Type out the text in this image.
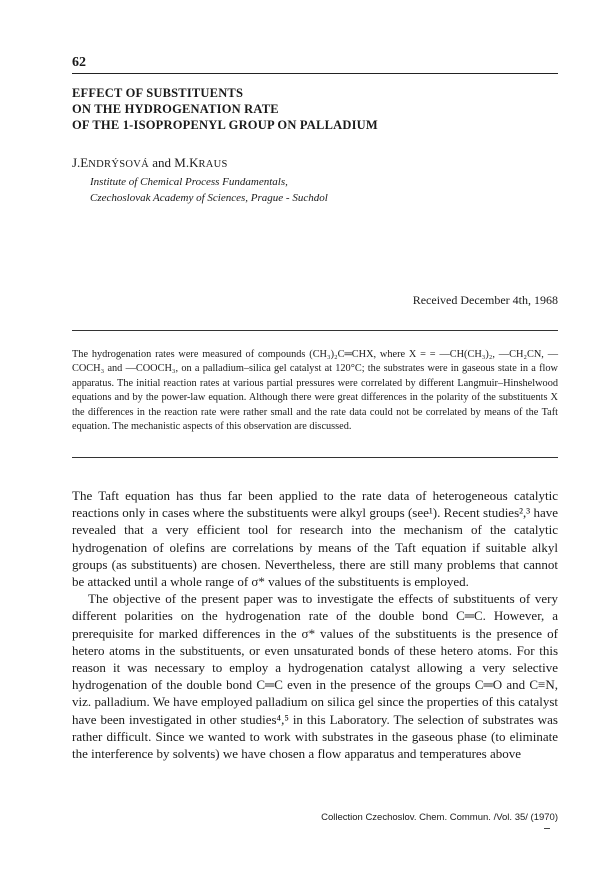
62
EFFECT OF SUBSTITUENTS
ON THE HYDROGENATION RATE
OF THE 1-ISOPROPENYL GROUP ON PALLADIUM
J.ENDRÝSOVÁ and M.KRAUS
Institute of Chemical Process Fundamentals,
Czechoslovak Academy of Sciences, Prague - Suchdol
Received December 4th, 1968
The hydrogenation rates were measured of compounds (CH₃)₂C═CHX, where X = = —CH(CH₃)₂, —CH₂CN, —COCH₃ and —COOCH₃, on a palladium–silica gel catalyst at 120°C; the substrates were in gaseous state in a flow apparatus. The initial reaction rates at various partial pressures were correlated by different Langmuir–Hinshelwood equations and by the power-law equation. Although there were great differences in the polarity of the substituents X the differences in the reaction rate were rather small and the rate data could not be correlated by means of the Taft equation. The mechanistic aspects of this observation are discussed.

The Taft equation has thus far been applied to the rate data of heterogeneous catalytic reactions only in cases where the substituents were alkyl groups (see¹). Recent studies²,³ have revealed that a very efficient tool for research into the mechanism of the catalytic hydrogenation of olefins are correlations by means of the Taft equation if suitable alkyl groups (as substituents) are chosen. Nevertheless, there are still many problems that cannot be attacked until a whole range of σ* values of the substituents is employed.

The objective of the present paper was to investigate the effects of substituents of very different polarities on the hydrogenation rate of the double bond C═C. However, a prerequisite for marked differences in the σ* values of the substituents is the presence of hetero atoms in the substituents, or even unsaturated bonds of these hetero atoms. For this reason it was necessary to employ a hydrogenation catalyst allowing a very selective hydrogenation of the double bond C═C even in the presence of the groups C═O and C≡N, viz. palladium. We have employed palladium on silica gel since the properties of this catalyst have been investigated in other studies⁴,⁵ in this Laboratory. The selection of substrates was rather difficult. Since we wanted to work with substrates in the gaseous phase (to eliminate the interference by solvents) we have chosen a flow apparatus and temperatures above

Collection Czechoslov. Chem. Commun. /Vol. 35/ (1970)
